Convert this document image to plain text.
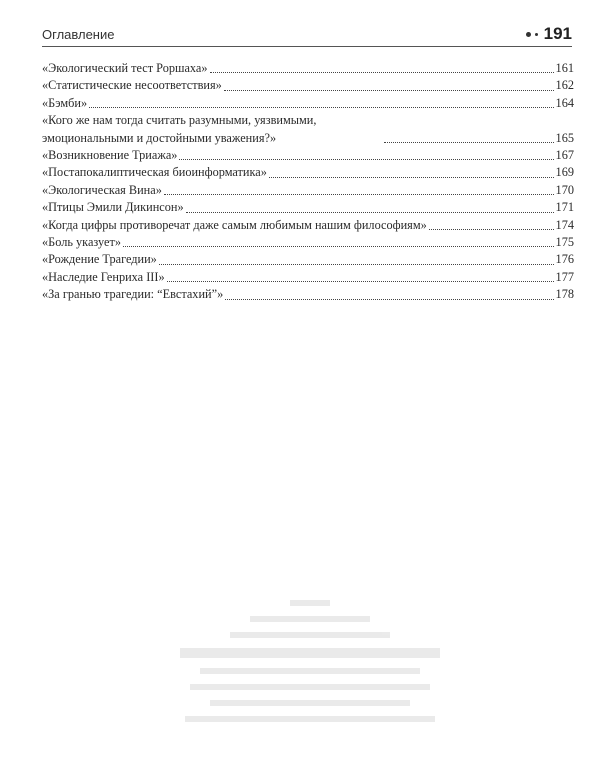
Оглавление	191
«Экологический тест Роршаха»	161
«Статистические несоответствия»	162
«Бэмби»	164
«Кого же нам тогда считать разумными, уязвимыми, эмоциональными и достойными уважения?»	165
«Возникновение Триажа»	167
«Постапокалиптическая биоинформатика»	169
«Экологическая Вина»	170
«Птицы Эмили Дикинсон»	171
«Когда цифры противоречат даже самым любимым нашим философиям»	174
«Боль указует»	175
«Рождение Трагедии»	176
«Наследие Генриха III»	177
«За гранью трагедии: “Евстахий”»	178
